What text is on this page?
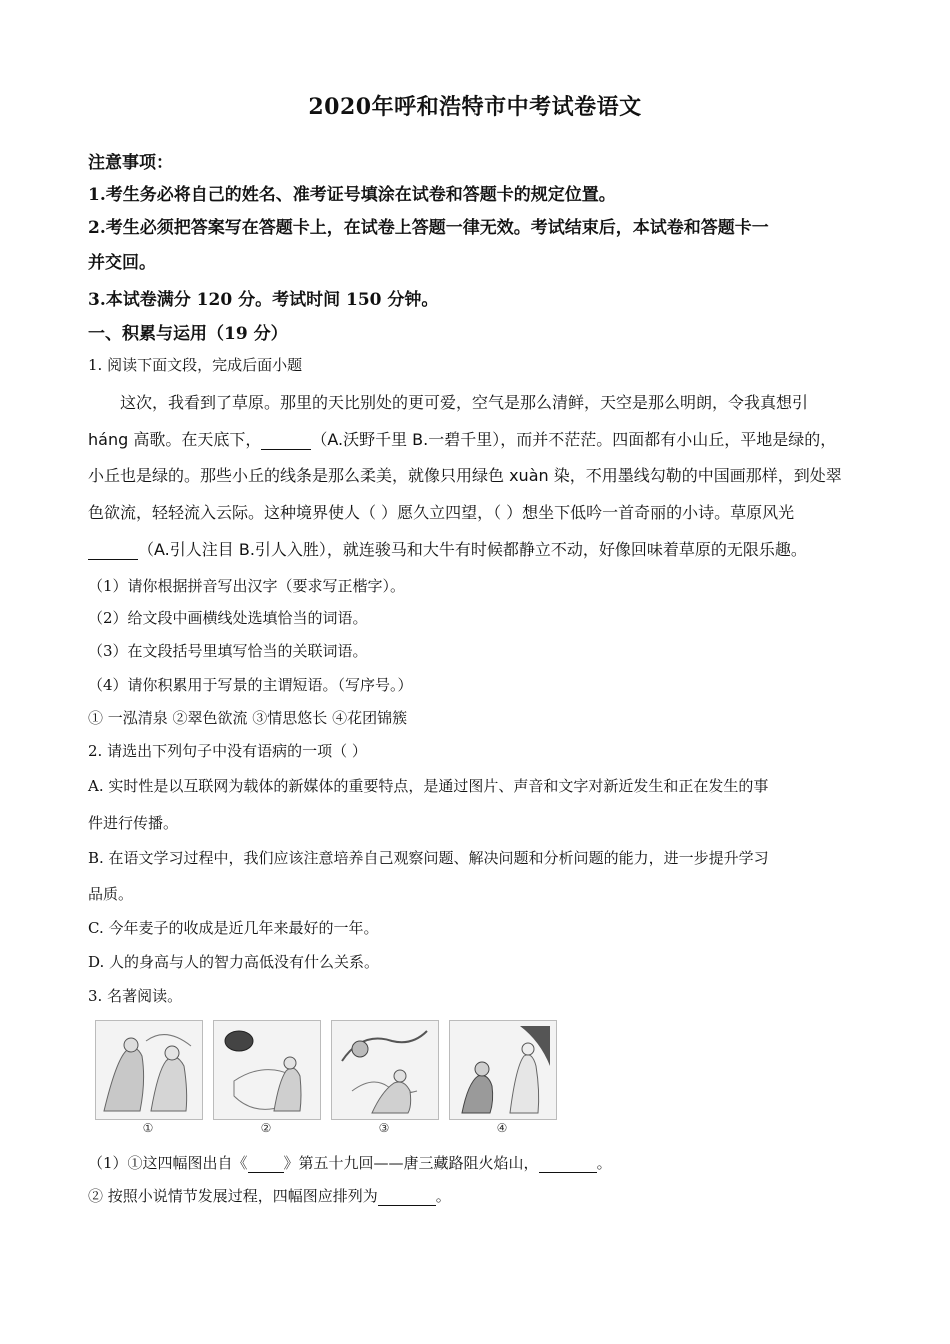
2020年呼和浩特市中考试卷语文
注意事项：
1.考生务必将自己的姓名、准考证号填涂在试卷和答题卡的规定位置。
2.考生必须把答案写在答题卡上，在试卷上答题一律无效。考试结束后，本试卷和答题卡一
并交回。
3.本试卷满分 120 分。考试时间 150 分钟。
一、积累与运用（19 分）
1. 阅读下面文段，完成后面小题
这次，我看到了草原。那里的天比别处的更可爱，空气是那么清鲜，天空是那么明朗，令我真想引
háng 高歌。在天底下，	（A.沃野千里 B.一碧千里），而并不茫茫。四面都有小山丘，平地是绿的，
小丘也是绿的。那些小丘的线条是那么柔美，就像只用绿色 xuàn 染，不用墨线勾勒的中国画那样，到处翠
色欲流，轻轻流入云际。这种境界使人（ ）愿久立四望，（ ）想坐下低吟一首奇丽的小诗。草原风光
（A.引人注目 B.引人入胜），就连骏马和大牛有时候都静立不动，好像回味着草原的无限乐趣。
（1）请你根据拼音写出汉字（要求写正楷字）。
（2）给文段中画横线处选填恰当的词语。
（3）在文段括号里填写恰当的关联词语。
（4）请你积累用于写景的主谓短语。（写序号。）
① 一泓清泉 ②翠色欲流 ③情思悠长 ④花团锦簇
2. 请选出下列句子中没有语病的一项（ ）
A. 实时性是以互联网为载体的新媒体的重要特点，是通过图片、声音和文字对新近发生和正在发生的事
件进行传播。
B. 在语文学习过程中，我们应该注意培养自己观察问题、解决问题和分析问题的能力，进一步提升学习
品质。
C. 今年麦子的收成是近几年来最好的一年。
D. 人的身高与人的智力高低没有什么关系。
3. 名著阅读。
①	②	③	④
（1）①这四幅图出自《 》第五十九回——唐三藏路阻火焰山，	。
② 按照小说情节发展过程，四幅图应排列为	。
